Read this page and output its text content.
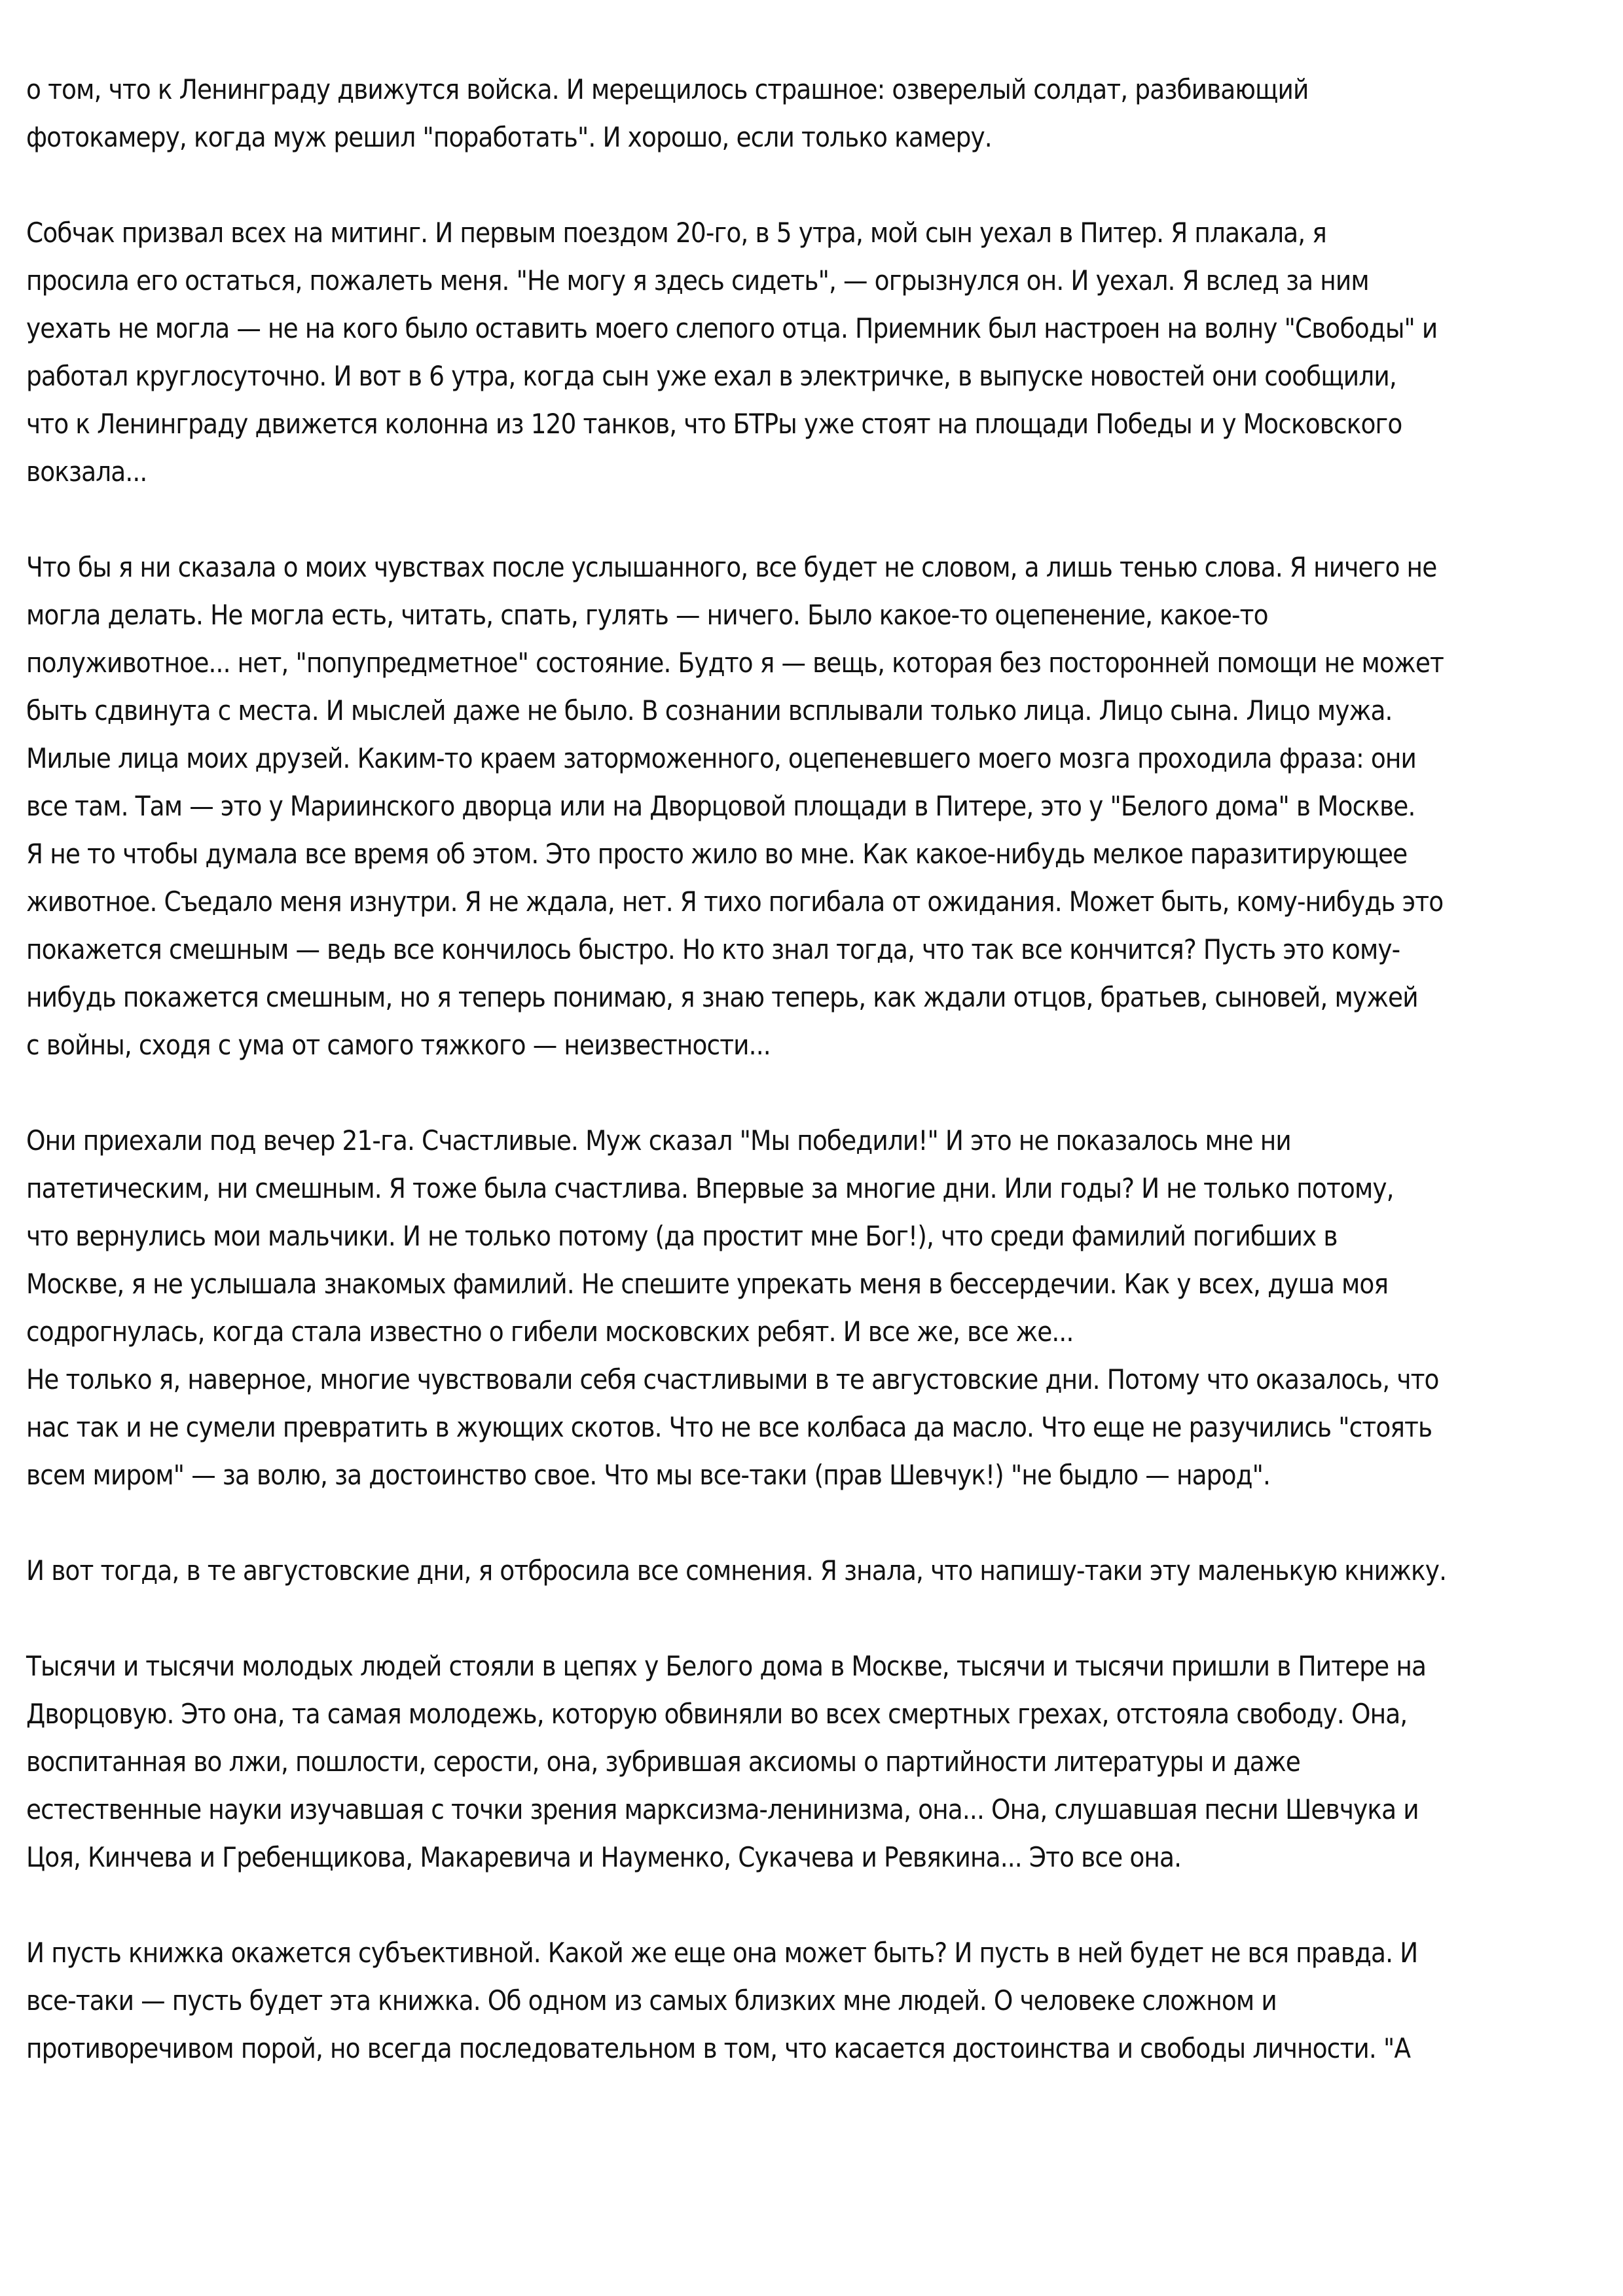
о том, что к Ленинграду движутся войска. И мерещилось страшное: озверелый солдат, разбивающий
фотокамеру, когда муж решил "поработать". И хорошо, если только камеру.
Собчак призвал всех на митинг. И первым поездом 20-го, в 5 утра, мой сын уехал в Питер. Я плакала, я
просила его остаться, пожалеть меня. "Не могу я здесь сидеть", — огрызнулся он. И уехал. Я вслед за ним
уехать не могла — не на кого было оставить моего слепого отца. Приемник был настроен на волну "Свободы" и
работал круглосуточно. И вот в 6 утра, когда сын уже ехал в электричке, в выпуске новостей они сообщили,
что к Ленинграду движется колонна из 120 танков, что БТРы уже стоят на площади Победы и у Московского
вокзала...
Что бы я ни сказала о моих чувствах после услышанного, все будет не словом, а лишь тенью слова. Я ничего не
могла делать. Не могла есть, читать, спать, гулять — ничего. Было какое-то оцепенение, какое-то
полуживотное... нет, "попупредметное" состояние. Будто я — вещь, которая без посторонней помощи не может
быть сдвинута с места. И мыслей даже не было. В сознании всплывали только лица. Лицо сына. Лицо мужа.
Милые лица моих друзей. Каким-то краем заторможенного, оцепеневшего моего мозга проходила фраза: они
все там. Там — это у Мариинского дворца или на Дворцовой площади в Питере, это у "Белого дома" в Москве.
Я не то чтобы думала все время об этом. Это просто жило во мне. Как какое-нибудь мелкое паразитирующее
животное. Съедало меня изнутри. Я не ждала, нет. Я тихо погибала от ожидания. Может быть, кому-нибудь это
покажется смешным — ведь все кончилось быстро. Но кто знал тогда, что так все кончится? Пусть это кому-
нибудь покажется смешным, но я теперь понимаю, я знаю теперь, как ждали отцов, братьев, сыновей, мужей
с войны, сходя с ума от самого тяжкого — неизвестности...
Они приехали под вечер 21-га. Счастливые. Муж сказал "Мы победили!" И это не показалось мне ни
патетическим, ни смешным. Я тоже была счастлива. Впервые за многие дни. Или годы? И не только потому,
что вернулись мои мальчики. И не только потому (да простит мне Бог!), что среди фамилий погибших в
Москве, я не услышала знакомых фамилий. Не спешите упрекать меня в бессердечии. Как у всех, душа моя
содрогнулась, когда стала известно о гибели московских ребят. И все же, все же...
Не только я, наверное, многие чувствовали себя счастливыми в те августовские дни. Потому что оказалось, что
нас так и не сумели превратить в жующих скотов. Что не все колбаса да масло. Что еще не разучились "стоять
всем миром" — за волю, за достоинство свое. Что мы все-таки (прав Шевчук!) "не быдло — народ".
И вот тогда, в те августовские дни, я отбросила все сомнения. Я знала, что напишу-таки эту маленькую книжку.
Тысячи и тысячи молодых людей стояли в цепях у Белого дома в Москве, тысячи и тысячи пришли в Питере на
Дворцовую. Это она, та самая молодежь, которую обвиняли во всех смертных грехах, отстояла свободу. Она,
воспитанная во лжи, пошлости, серости, она, зубрившая аксиомы о партийности литературы и даже
естественные науки изучавшая с точки зрения марксизма-ленинизма, она... Она, слушавшая песни Шевчука и
Цоя, Кинчева и Гребенщикова, Макаревича и Науменко, Сукачева и Ревякина... Это все она.
И пусть книжка окажется субъективной. Какой же еще она может быть? И пусть в ней будет не вся правда. И
все-таки — пусть будет эта книжка. Об одном из самых близких мне людей. О человеке сложном и
противоречивом порой, но всегда последовательном в том, что касается достоинства и свободы личности. "А
